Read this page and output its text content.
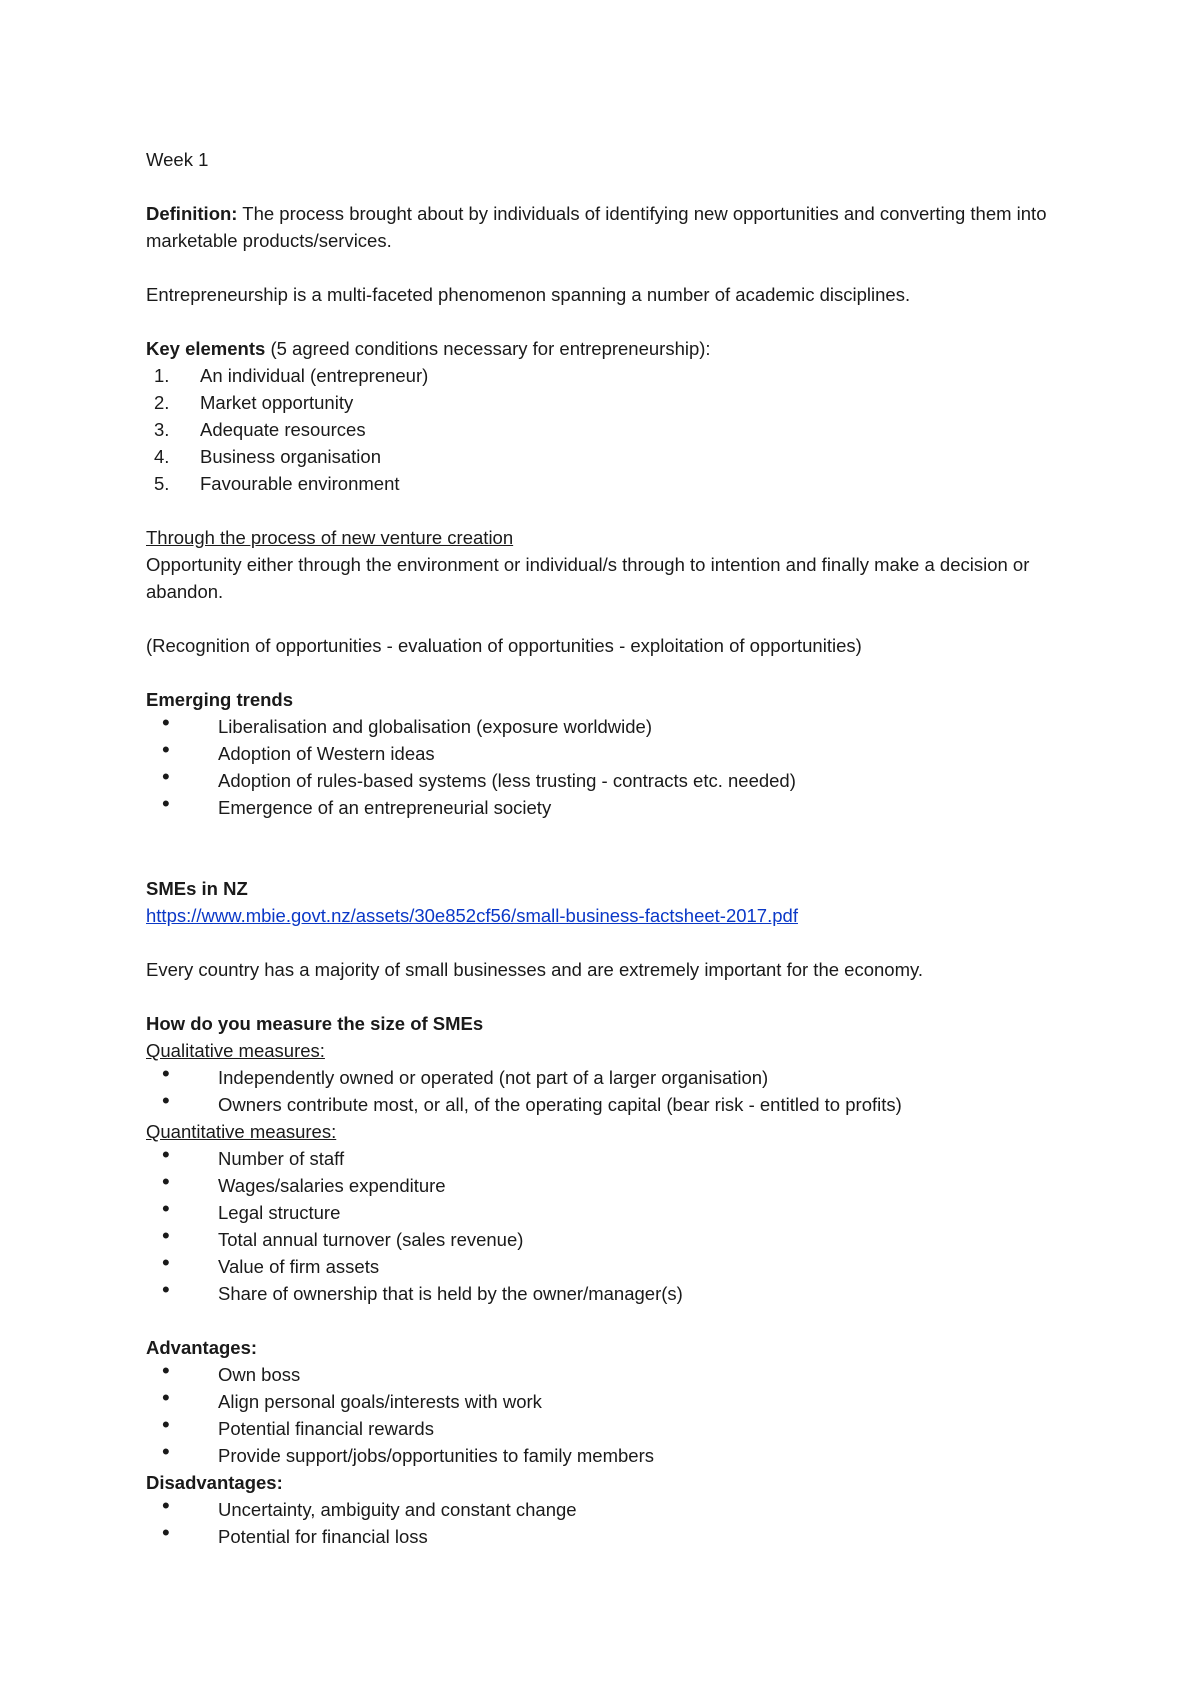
Week 1

Definition: The process brought about by individuals of identifying new opportunities and converting them into marketable products/services.

Entrepreneurship is a multi-faceted phenomenon spanning a number of academic disciplines.

Key elements (5 agreed conditions necessary for entrepreneurship):

1.	An individual (entrepreneur)
2.	Market opportunity
3.	Adequate resources
4.	Business organisation
5.	Favourable environment

Through the process of new venture creation

Opportunity either through the environment or individual/s through to intention and finally make a decision or abandon.

(Recognition of opportunities - evaluation of opportunities - exploitation of opportunities)

Emerging trends

•	Liberalisation and globalisation (exposure worldwide)
•	Adoption of Western ideas
•	Adoption of rules-based systems (less trusting - contracts etc. needed)
•	Emergence of an entrepreneurial society

SMEs in NZ

https://www.mbie.govt.nz/assets/30e852cf56/small-business-factsheet-2017.pdf

Every country has a majority of small businesses and are extremely important for the economy.

How do you measure the size of SMEs

Qualitative measures:

•	Independently owned or operated (not part of a larger organisation)
•	Owners contribute most, or all, of the operating capital (bear risk - entitled to profits)

Quantitative measures:

•	Number of staff
•	Wages/salaries expenditure
•	Legal structure
•	Total annual turnover (sales revenue)
•	Value of firm assets
•	Share of ownership that is held by the owner/manager(s)

Advantages:

•	Own boss
•	Align personal goals/interests with work
•	Potential financial rewards
•	Provide support/jobs/opportunities to family members

Disadvantages:

•	Uncertainty, ambiguity and constant change
•	Potential for financial loss
